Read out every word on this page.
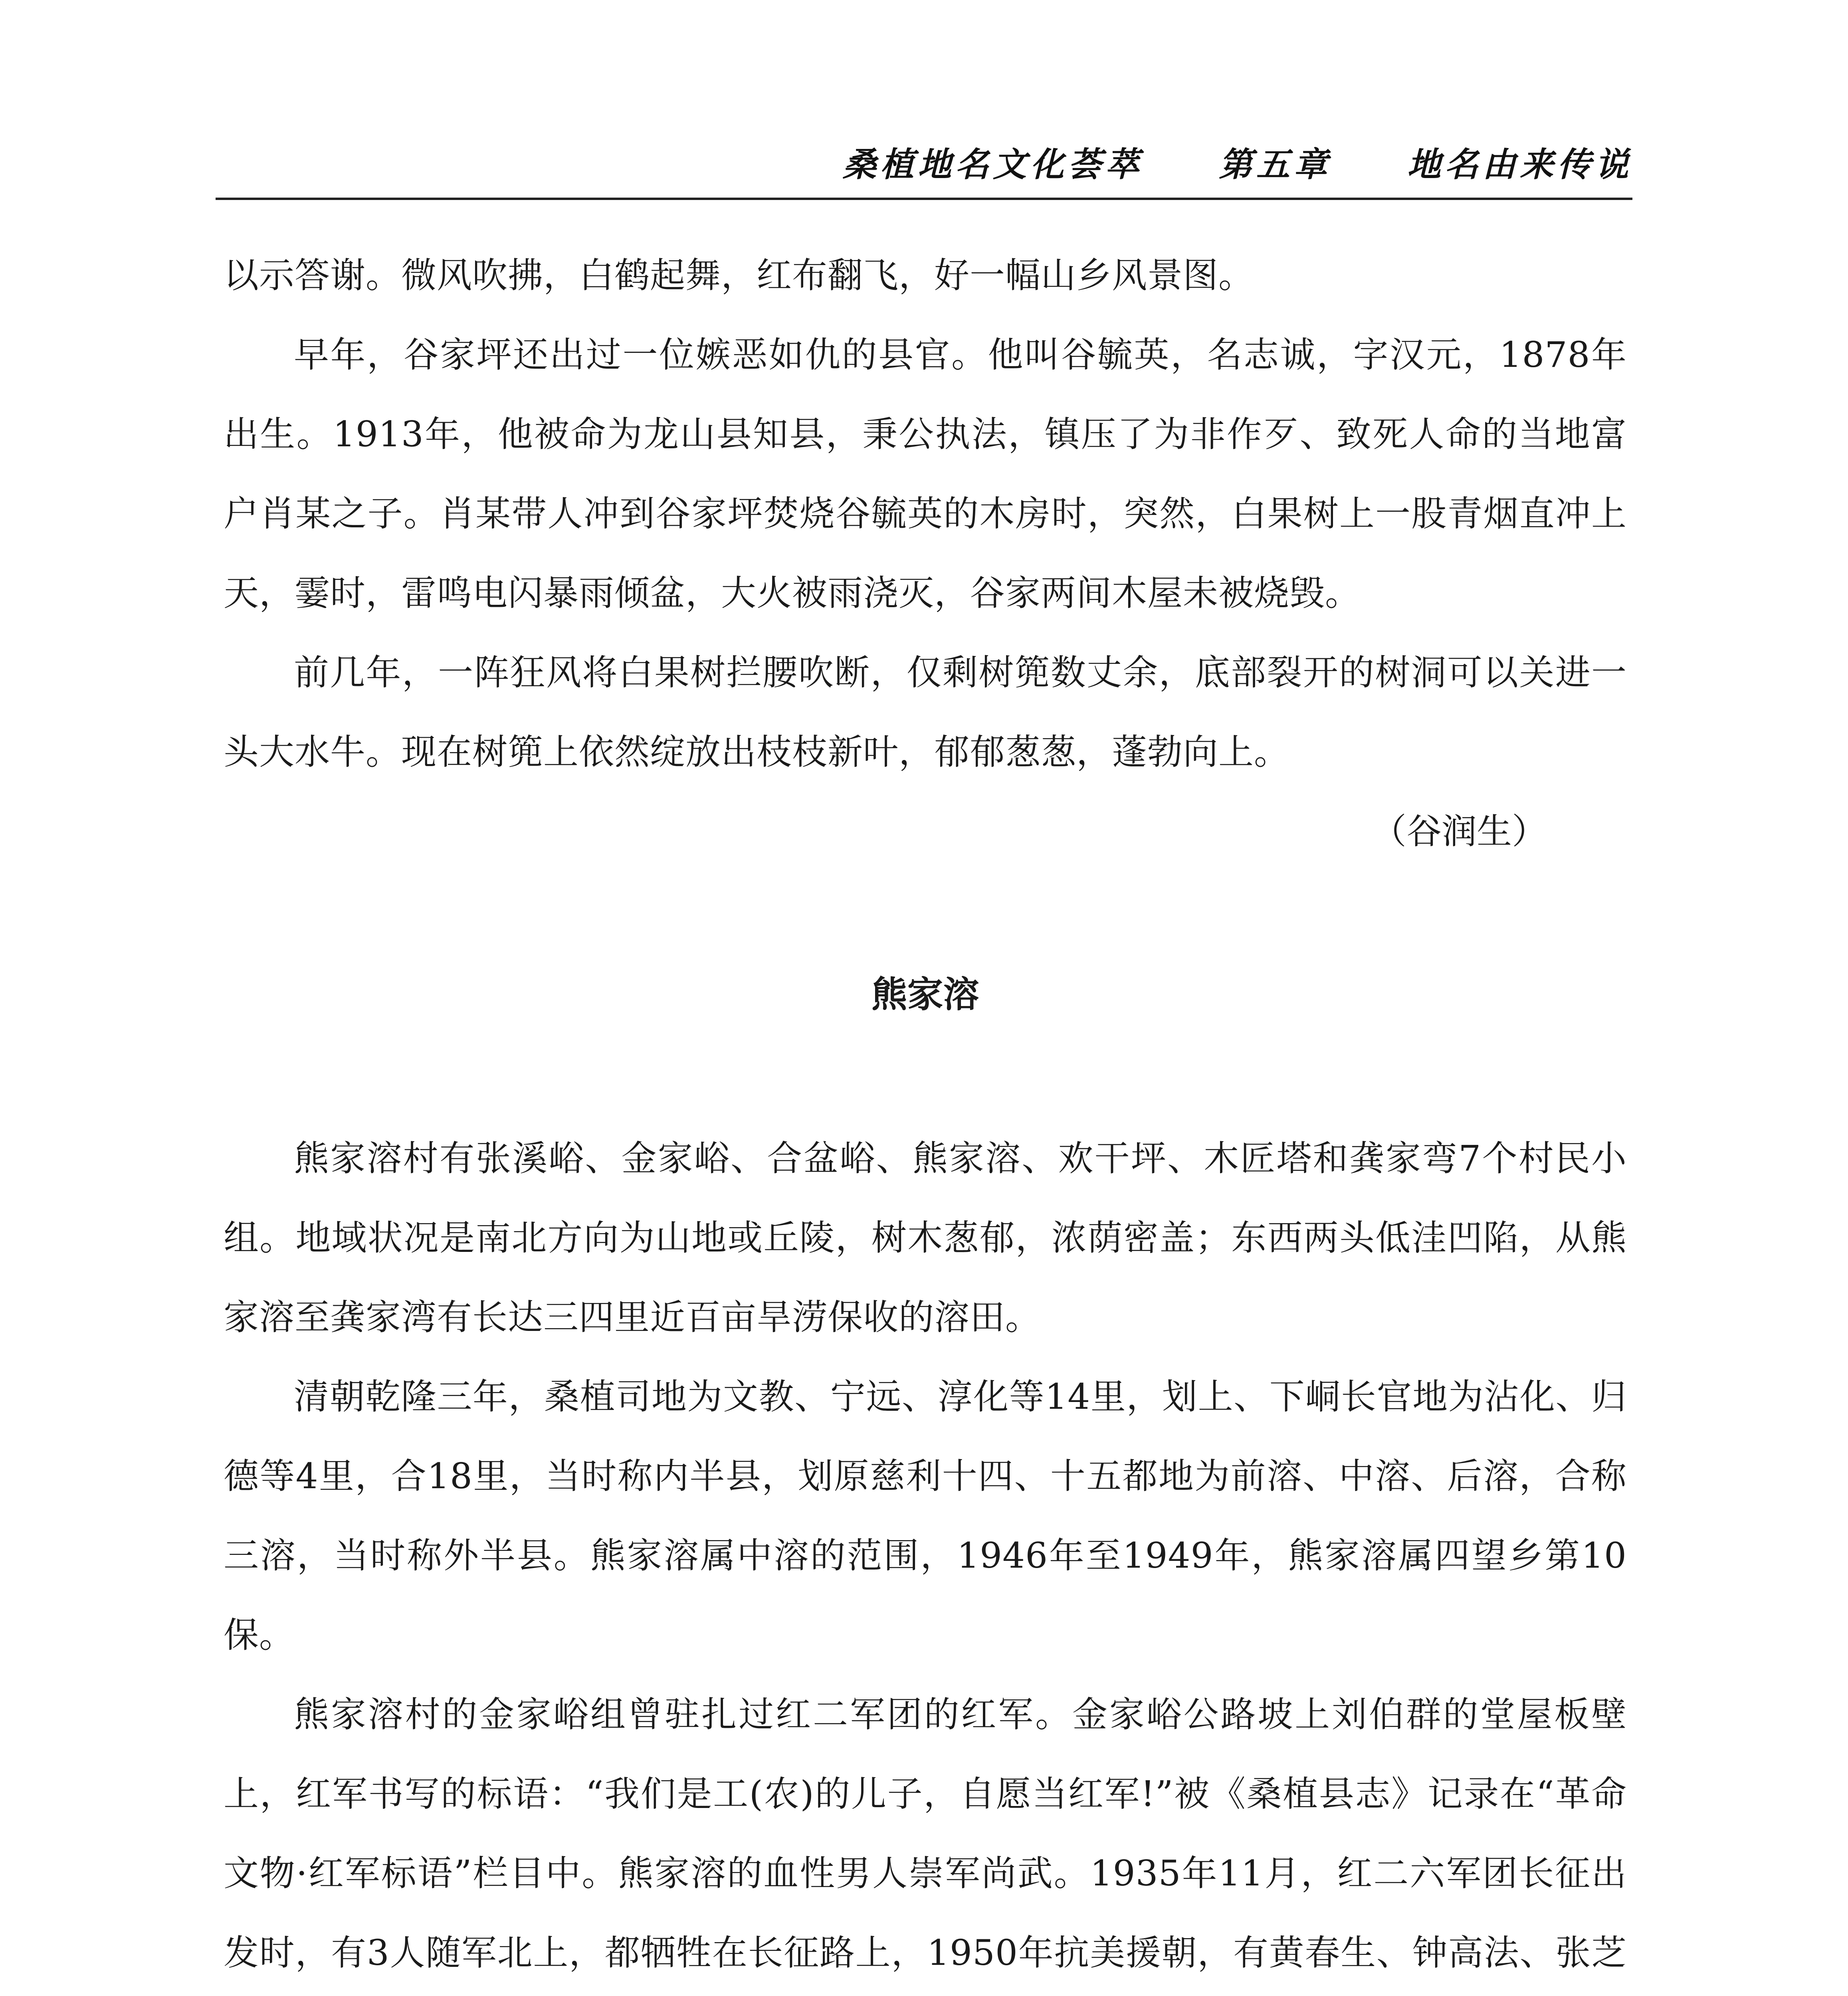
桑植地名文化荟萃 第五章 地名由来传说

以示答谢。微风吹拂，白鹤起舞，红布翻飞，好一幅山乡风景图。

早年，谷家坪还出过一位嫉恶如仇的县官。他叫谷毓英，名志诚，字汉元，1878年出生。1913年，他被命为龙山县知县，秉公执法，镇压了为非作歹、致死人命的当地富户肖某之子。肖某带人冲到谷家坪焚烧谷毓英的木房时，突然，白果树上一股青烟直冲上天，霎时，雷鸣电闪暴雨倾盆，大火被雨浇灭，谷家两间木屋未被烧毁。

前几年，一阵狂风将白果树拦腰吹断，仅剩树篼数丈余，底部裂开的树洞可以关进一头大水牛。现在树篼上依然绽放出枝枝新叶，郁郁葱葱，蓬勃向上。

（谷润生）

熊家溶

熊家溶村有张溪峪、金家峪、合盆峪、熊家溶、欢干坪、木匠塔和龚家弯7个村民小组。地域状况是南北方向为山地或丘陵，树木葱郁，浓荫密盖；东西两头低洼凹陷，从熊家溶至龚家湾有长达三四里近百亩旱涝保收的溶田。

清朝乾隆三年，桑植司地为文教、宁远、淳化等14里，划上、下峒长官地为沾化、归德等4里，合18里，当时称内半县，划原慈利十四、十五都地为前溶、中溶、后溶，合称三溶，当时称外半县。熊家溶属中溶的范围，1946年至1949年，熊家溶属四望乡第10保。

熊家溶村的金家峪组曾驻扎过红二军团的红军。金家峪公路坡上刘伯群的堂屋板壁上，红军书写的标语：“我们是工(农)的儿子，自愿当红军!”被《桑植县志》记录在“革命文物·红军标语”栏目中。熊家溶的血性男人崇军尚武。1935年11月，红二六军团长征出发时，有3人随军北上，都牺牲在长征路上，1950年抗美援朝，有黄春生、钟高法、张芝
